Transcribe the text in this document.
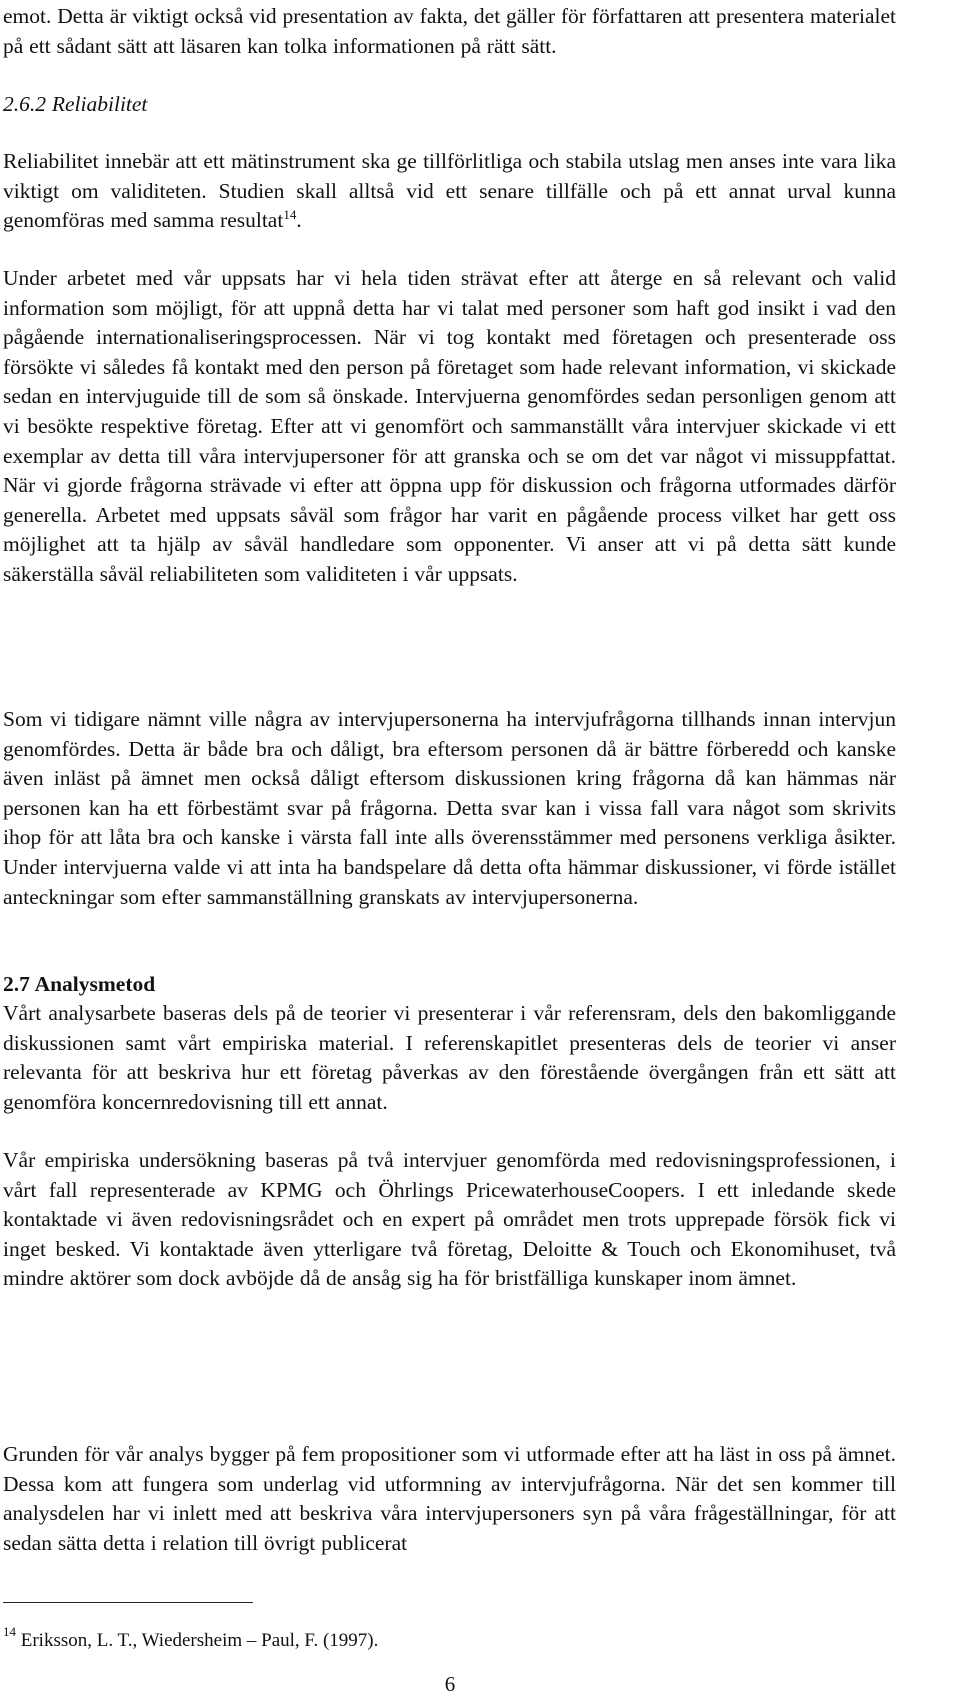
emot. Detta är viktigt också vid presentation av fakta, det gäller för författaren att presentera materialet på ett sådant sätt att läsaren kan tolka informationen på rätt sätt.
2.6.2 Reliabilitet
Reliabilitet innebär att ett mätinstrument ska ge tillförlitliga och stabila utslag men anses inte vara lika viktigt om validiteten. Studien skall alltså vid ett senare tillfälle och på ett annat urval kunna genomföras med samma resultat$^{14}$.
Under arbetet med vår uppsats har vi hela tiden strävat efter att återge en så relevant och valid information som möjligt, för att uppnå detta har vi talat med personer som haft god insikt i vad den pågående internationaliseringsprocessen. När vi tog kontakt med företagen och presenterade oss försökte vi således få kontakt med den person på företaget som hade relevant information, vi skickade sedan en intervjuguide till de som så önskade. Intervjuerna genomfördes sedan personligen genom att vi besökte respektive företag. Efter att vi genomfört och sammanställt våra intervjuer skickade vi ett exemplar av detta till våra intervjupersoner för att granska och se om det var något vi missuppfattat. När vi gjorde frågorna strävade vi efter att öppna upp för diskussion och frågorna utformades därför generella. Arbetet med uppsats såväl som frågor har varit en pågående process vilket har gett oss möjlighet att ta hjälp av såväl handledare som opponenter. Vi anser att vi på detta sätt kunde säkerställa såväl reliabiliteten som validiteten i vår uppsats.
Som vi tidigare nämnt ville några av intervjupersonerna ha intervjufrågorna tillhands innan intervjun genomfördes. Detta är både bra och dåligt, bra eftersom personen då är bättre förberedd och kanske även inläst på ämnet men också dåligt eftersom diskussionen kring frågorna då kan hämmas när personen kan ha ett förbestämt svar på frågorna. Detta svar kan i vissa fall vara något som skrivits ihop för att låta bra och kanske i värsta fall inte alls överensstämmer med personens verkliga åsikter. Under intervjuerna valde vi att inta ha bandspelare då detta ofta hämmar diskussioner, vi förde istället anteckningar som efter sammanställning granskats av intervjupersonerna.
2.7 Analysmetod
Vårt analysarbete baseras dels på de teorier vi presenterar i vår referensram, dels den bakomliggande diskussionen samt vårt empiriska material. I referenskapitlet presenteras dels de teorier vi anser relevanta för att beskriva hur ett företag påverkas av den förestående övergången från ett sätt att genomföra koncernredovisning till ett annat.
Vår empiriska undersökning baseras på två intervjuer genomförda med redovisningsprofessionen, i vårt fall representerade av KPMG och Öhrlings PricewaterhouseCoopers. I ett inledande skede kontaktade vi även redovisningsrådet och en expert på området men trots upprepade försök fick vi inget besked. Vi kontaktade även ytterligare två företag, Deloitte & Touch och Ekonomihuset, två mindre aktörer som dock avböjde då de ansåg sig ha för bristfälliga kunskaper inom ämnet.
Grunden för vår analys bygger på fem propositioner som vi utformade efter att ha läst in oss på ämnet. Dessa kom att fungera som underlag vid utformning av intervjufrågorna. När det sen kommer till analysdelen har vi inlett med att beskriva våra intervjupersoners syn på våra frågeställningar, för att sedan sätta detta i relation till övrigt publicerat
$^{14}$ Eriksson, L. T., Wiedersheim – Paul, F. (1997).
6
